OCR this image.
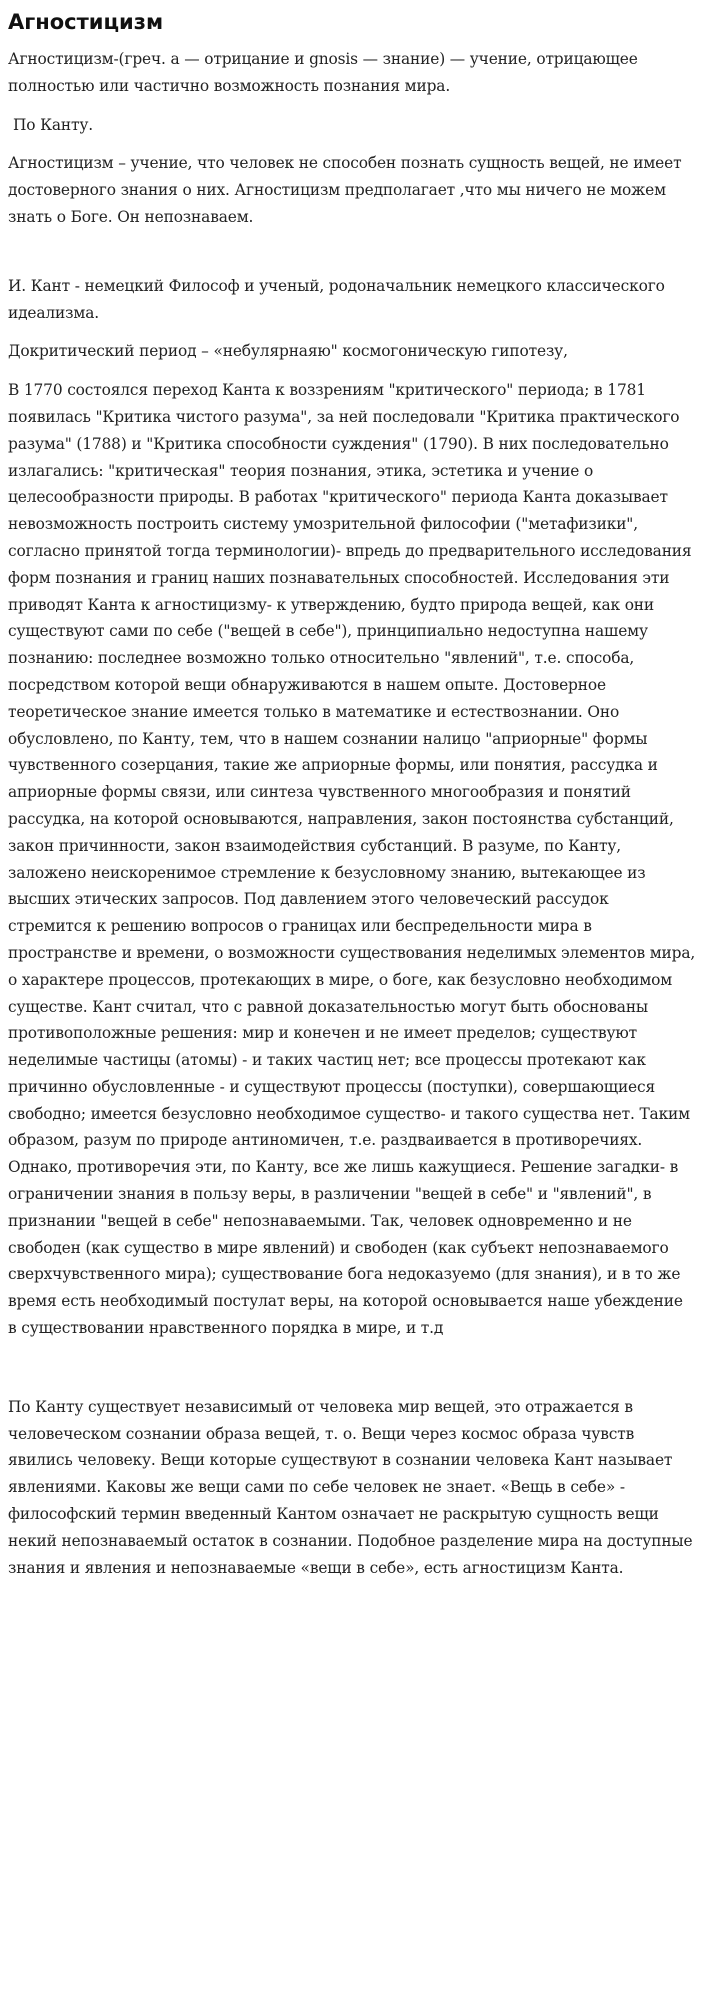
Агностицизм

Агностицизм-(греч. а — отрицание и gnosis — знание) — учение, отрицающее полностью или частично возможность познания мира.

По Канту.

Агностицизм – учение, что человек не способен познать сущность вещей, не имеет достоверного знания о них. Агностицизм предполагает ,что мы ничего не можем знать о Боге. Он непознаваем.

И. Кант - немецкий Философ и ученый, родоначальник немецкого классического идеализма.

Докритический период – «небулярнаяю" космогоническую гипотезу,

В 1770 состоялся переход Канта к воззрениям "критического" периода; в 1781 появилась "Критика чистого разума", за ней последовали "Критика практического разума" (1788) и "Критика способности суждения" (1790). В них последовательно излагались: "критическая" теория познания, этика, эстетика и учение о целесообразности природы. В работах "критического" периода Канта доказывает невозможность построить систему умозрительной философии ("метафизики", согласно принятой тогда терминологии)- впредь до предварительного исследования форм познания и границ наших познавательных способностей. Исследования эти приводят Канта к агностицизму- к утверждению, будто природа вещей, как они существуют сами по себе ("вещей в себе"), принципиально недоступна нашему познанию: последнее возможно только относительно "явлений", т.е. способа, посредством которой вещи обнаруживаются в нашем опыте. Достоверное теоретическое знание имеется только в математике и естествознании. Оно обусловлено, по Канту, тем, что в нашем сознании налицо "априорные" формы чувственного созерцания, такие же априорные формы, или понятия, рассудка и априорные формы связи, или синтеза чувственного многообразия и понятий рассудка, на которой основываются, направления, закон постоянства субстанций, закон причинности, закон взаимодействия субстанций. В разуме, по Канту, заложено неискоренимое стремление к безусловному знанию, вытекающее из высших этических запросов. Под давлением этого человеческий рассудок стремится к решению вопросов о границах или беспредельности мира в пространстве и времени, о возможности существования неделимых элементов мира, о характере процессов, протекающих в мире, о боге, как безусловно необходимом существе. Кант считал, что с равной доказательностью могут быть обоснованы противоположные решения: мир и конечен и не имеет пределов; существуют неделимые частицы (атомы) - и таких частиц нет; все процессы протекают как причинно обусловленные - и существуют процессы (поступки), совершающиеся свободно; имеется безусловно необходимое существо- и такого существа нет. Таким образом, разум по природе антиномичен, т.е. раздваивается в противоречиях. Однако, противоречия эти, по Канту, все же лишь кажущиеся. Решение загадки- в ограничении знания в пользу веры, в различении "вещей в себе" и "явлений", в признании "вещей в себе" непознаваемыми. Так, человек одновременно и не свободен (как существо в мире явлений) и свободен (как субъект непознаваемого сверхчувственного мира); существование бога недоказуемо (для знания), и в то же время есть необходимый постулат веры, на которой основывается наше убеждение в существовании нравственного порядка в мире, и т.д

По Канту существует независимый от человека мир вещей, это отражается в человеческом сознании образа вещей, т. о. Вещи через космос образа чувств явились человеку. Вещи которые существуют в сознании человека Кант называет явлениями. Каковы же вещи сами по себе человек не знает. «Вещь в себе» - философский термин введенный Кантом означает не раскрытую сущность вещи некий непознаваемый остаток в сознании. Подобное разделение мира на доступные знания и явления и непознаваемые «вещи в себе», есть агностицизм Канта.
